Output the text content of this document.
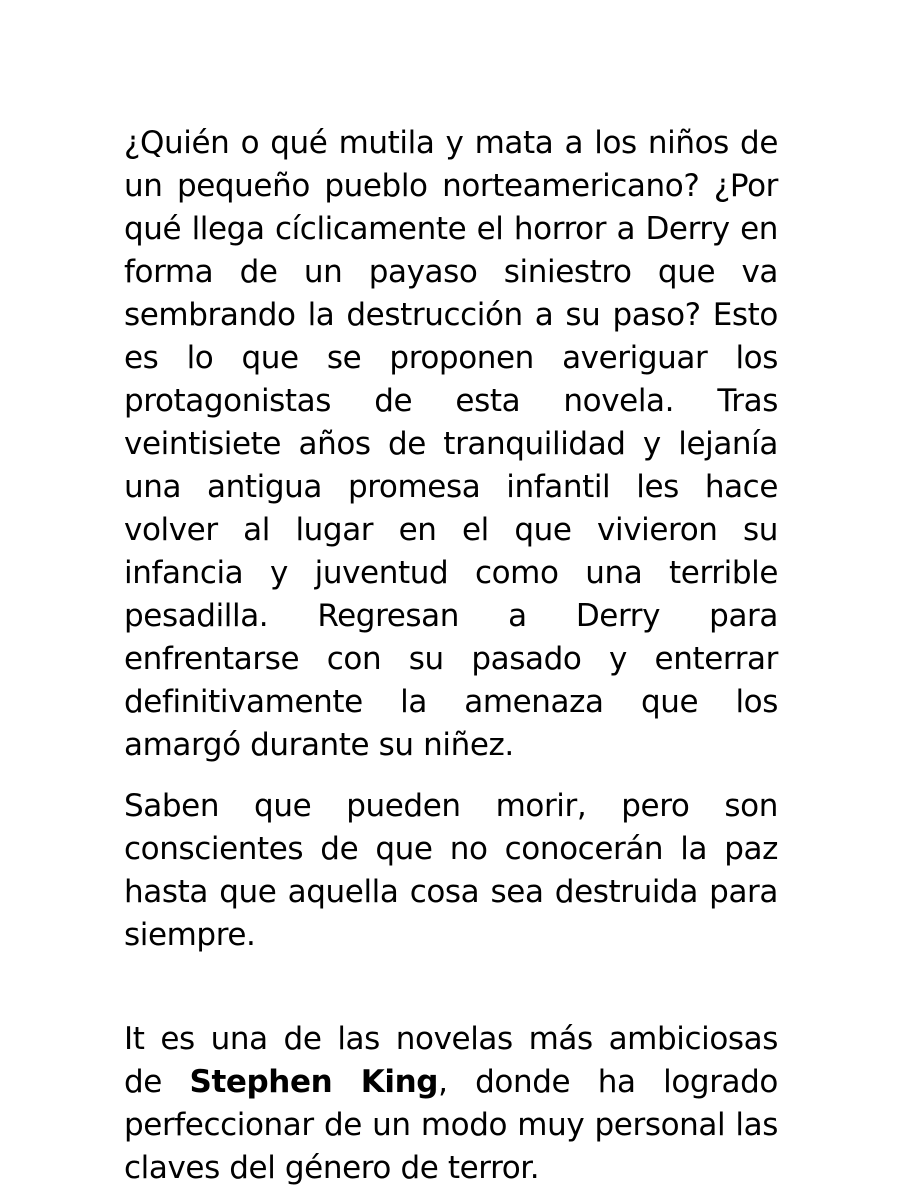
¿Quién o qué mutila y mata a los niños de un pequeño pueblo norteamericano? ¿Por qué llega cíclicamente el horror a Derry en forma de un payaso siniestro que va sembrando la destrucción a su paso? Esto es lo que se proponen averiguar los protagonistas de esta novela. Tras veintisiete años de tranquilidad y lejanía una antigua promesa infantil les hace volver al lugar en el que vivieron su infancia y juventud como una terrible pesadilla. Regresan a Derry para enfrentarse con su pasado y enterrar definitivamente la amenaza que los amargó durante su niñez.

Saben que pueden morir, pero son conscientes de que no conocerán la paz hasta que aquella cosa sea destruida para siempre.

It es una de las novelas más ambiciosas de Stephen King, donde ha logrado perfeccionar de un modo muy personal las claves del género de terror.
